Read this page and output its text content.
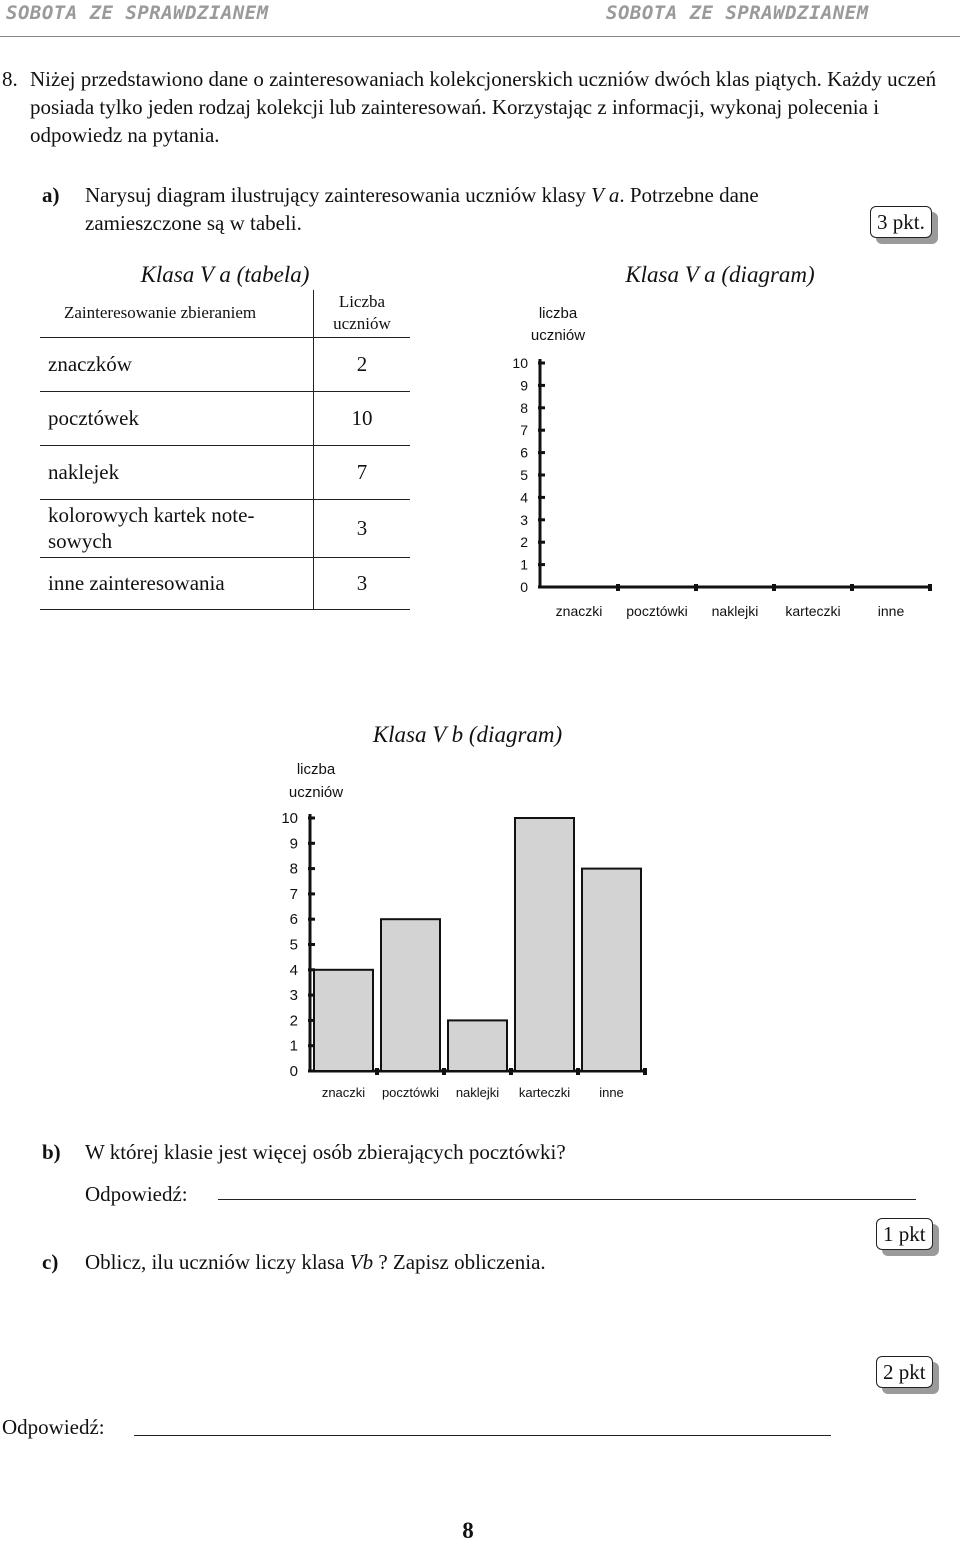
SOBOTA ZE SPRAWDZIANEM	SOBOTA ZE SPRAWDZIANEM
8. Niżej przedstawiono dane o zainteresowaniach kolekcjonerskich uczniów dwóch klas piątych. Każdy uczeń posiada tylko jeden rodzaj kolekcji lub zainteresowań. Korzystając z informacji, wykonaj polecenia i odpowiedz na pytania.
a) Narysuj diagram ilustrujący zainteresowania uczniów klasy V a. Potrzebne dane zamieszczone są w tabeli.	3 pkt.
Klasa V a (tabela)
Zainteresowanie zbieraniem	Liczba
uczniów
znaczków	2
pocztówek	10
naklejek	7
kolorowych kartek note-sowych	3
inne zainteresowania	3
Klasa V a (diagram)
liczba uczniów
0
1
2
3
4
5
6
7
8
9
10
znaczki pocztówki naklejki karteczki	inne
Klasa V b (diagram)
liczba uczniów
0
1
2
3
4
5
6
7
8
9
10
znaczki pocztówki naklejki karteczki inne
b) W której klasie jest więcej osób zbierających pocztówki?
Odpowiedź:
1 pkt
c) Oblicz, ilu uczniów liczy klasa Vb ? Zapisz obliczenia.
2 pkt
Odpowiedź:
8
